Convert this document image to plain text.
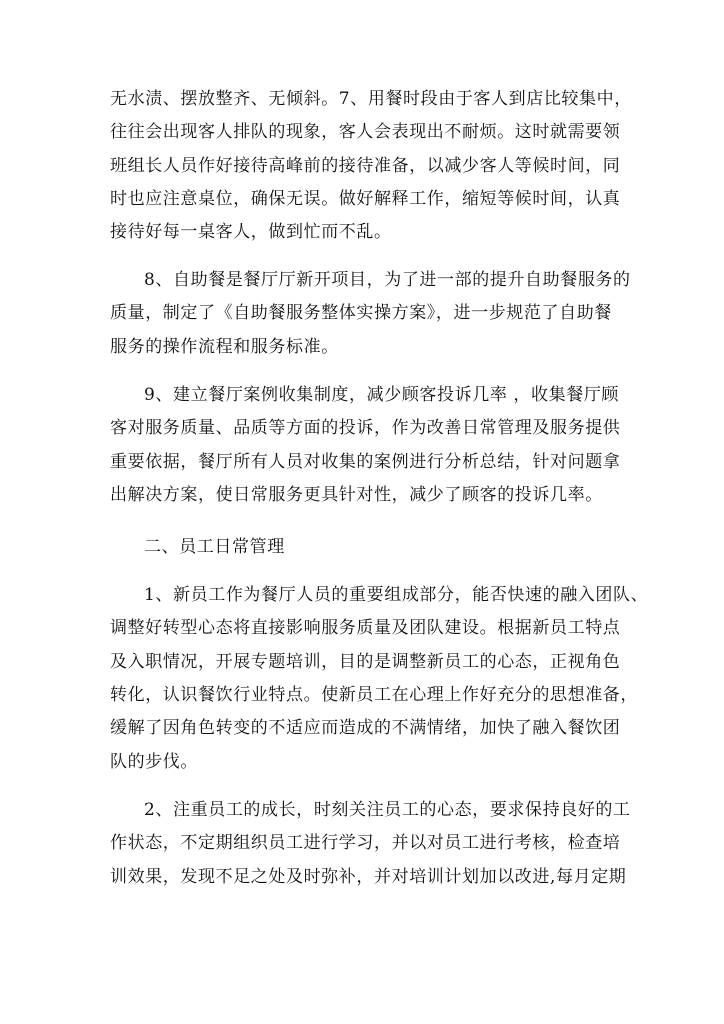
无水渍、摆放整齐、无倾斜。7、用餐时段由于客人到店比较集中，
往往会出现客人排队的现象，客人会表现出不耐烦。这时就需要领
班组长人员作好接待高峰前的接待准备，以减少客人等候时间，同
时也应注意桌位，确保无误。做好解释工作，缩短等候时间，认真
接待好每一桌客人，做到忙而不乱。
8、自助餐是餐厅厅新开项目，为了进一部的提升自助餐服务的
质量，制定了《自助餐服务整体实操方案》，进一步规范了自助餐
服务的操作流程和服务标准。
9、建立餐厅案例收集制度，减少顾客投诉几率 ，收集餐厅顾
客对服务质量、品质等方面的投诉，作为改善日常管理及服务提供
重要依据，餐厅所有人员对收集的案例进行分析总结，针对问题拿
出解决方案，使日常服务更具针对性，减少了顾客的投诉几率。
二、员工日常管理
1、新员工作为餐厅人员的重要组成部分，能否快速的融入团队、
调整好转型心态将直接影响服务质量及团队建设。根据新员工特点
及入职情况，开展专题培训，目的是调整新员工的心态，正视角色
转化，认识餐饮行业特点。使新员工在心理上作好充分的思想准备，
缓解了因角色转变的不适应而造成的不满情绪，加快了融入餐饮团
队的步伐。
2、注重员工的成长，时刻关注员工的心态，要求保持良好的工
作状态，不定期组织员工进行学习，并以对员工进行考核，检查培
训效果，发现不足之处及时弥补，并对培训计划加以改进,每月定期
